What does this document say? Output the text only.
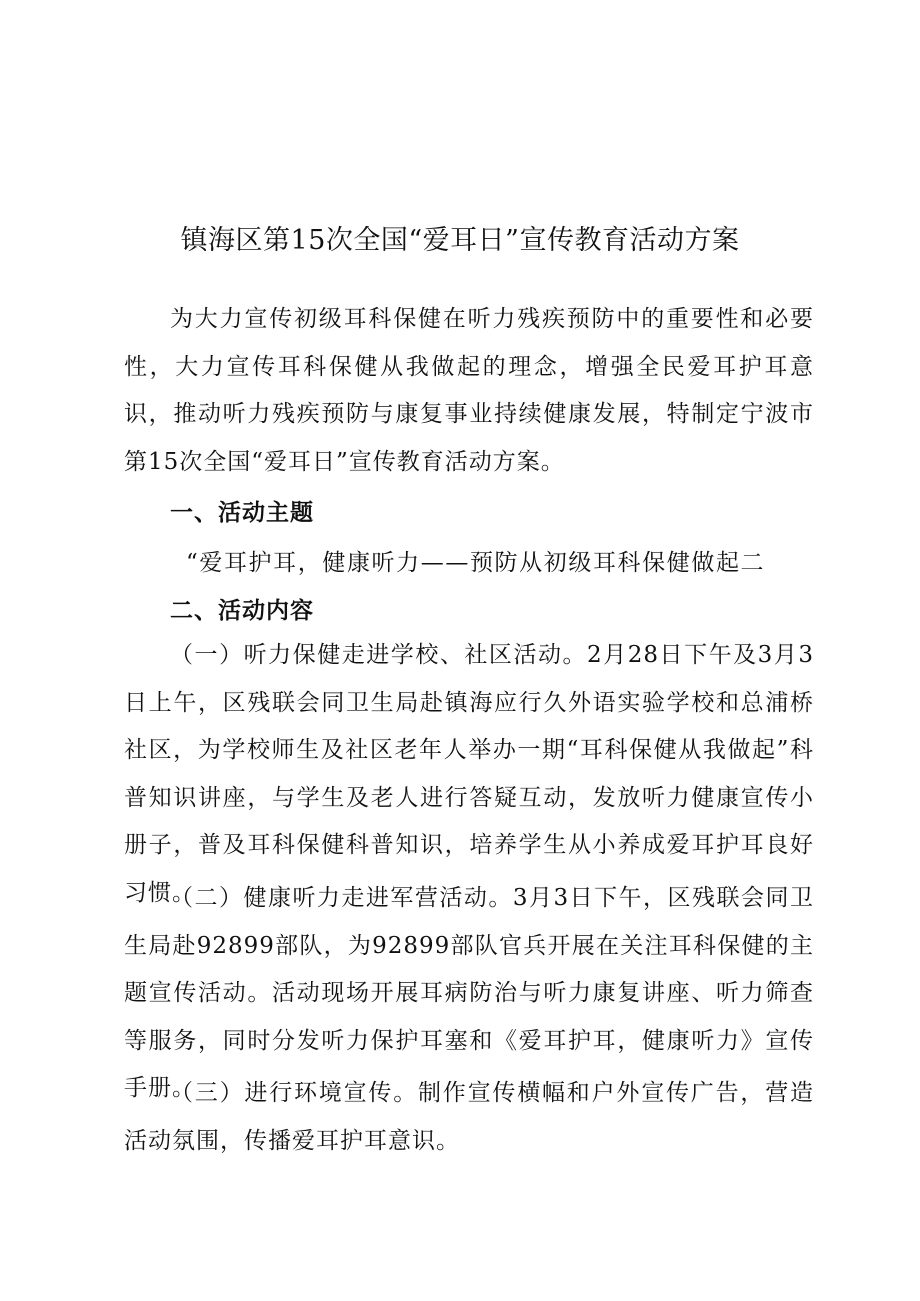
镇海区第15次全国“爱耳日”宣传教育活动方案

为大力宣传初级耳科保健在听力残疾预防中的重要性和必要性，大力宣传耳科保健从我做起的理念，增强全民爱耳护耳意识，推动听力残疾预防与康复事业持续健康发展，特制定宁波市第15次全国“爱耳日”宣传教育活动方案。

一、活动主题
“爱耳护耳，健康听力——预防从初级耳科保健做起二
二、活动内容

（一）听力保健走进学校、社区活动。2月28日下午及3月3日上午，区残联会同卫生局赴镇海应行久外语实验学校和总浦桥社区，为学校师生及社区老年人举办一期“耳科保健从我做起”科普知识讲座，与学生及老人进行答疑互动，发放听力健康宣传小册子，普及耳科保健科普知识，培养学生从小养成爱耳护耳良好习惯。

（二）健康听力走进军营活动。3月3日下午，区残联会同卫生局赴92899部队，为92899部队官兵开展在关注耳科保健的主题宣传活动。活动现场开展耳病防治与听力康复讲座、听力筛查等服务，同时分发听力保护耳塞和《爱耳护耳，健康听力》宣传手册。

（三）进行环境宣传。制作宣传横幅和户外宣传广告，营造活动氛围，传播爱耳护耳意识。
